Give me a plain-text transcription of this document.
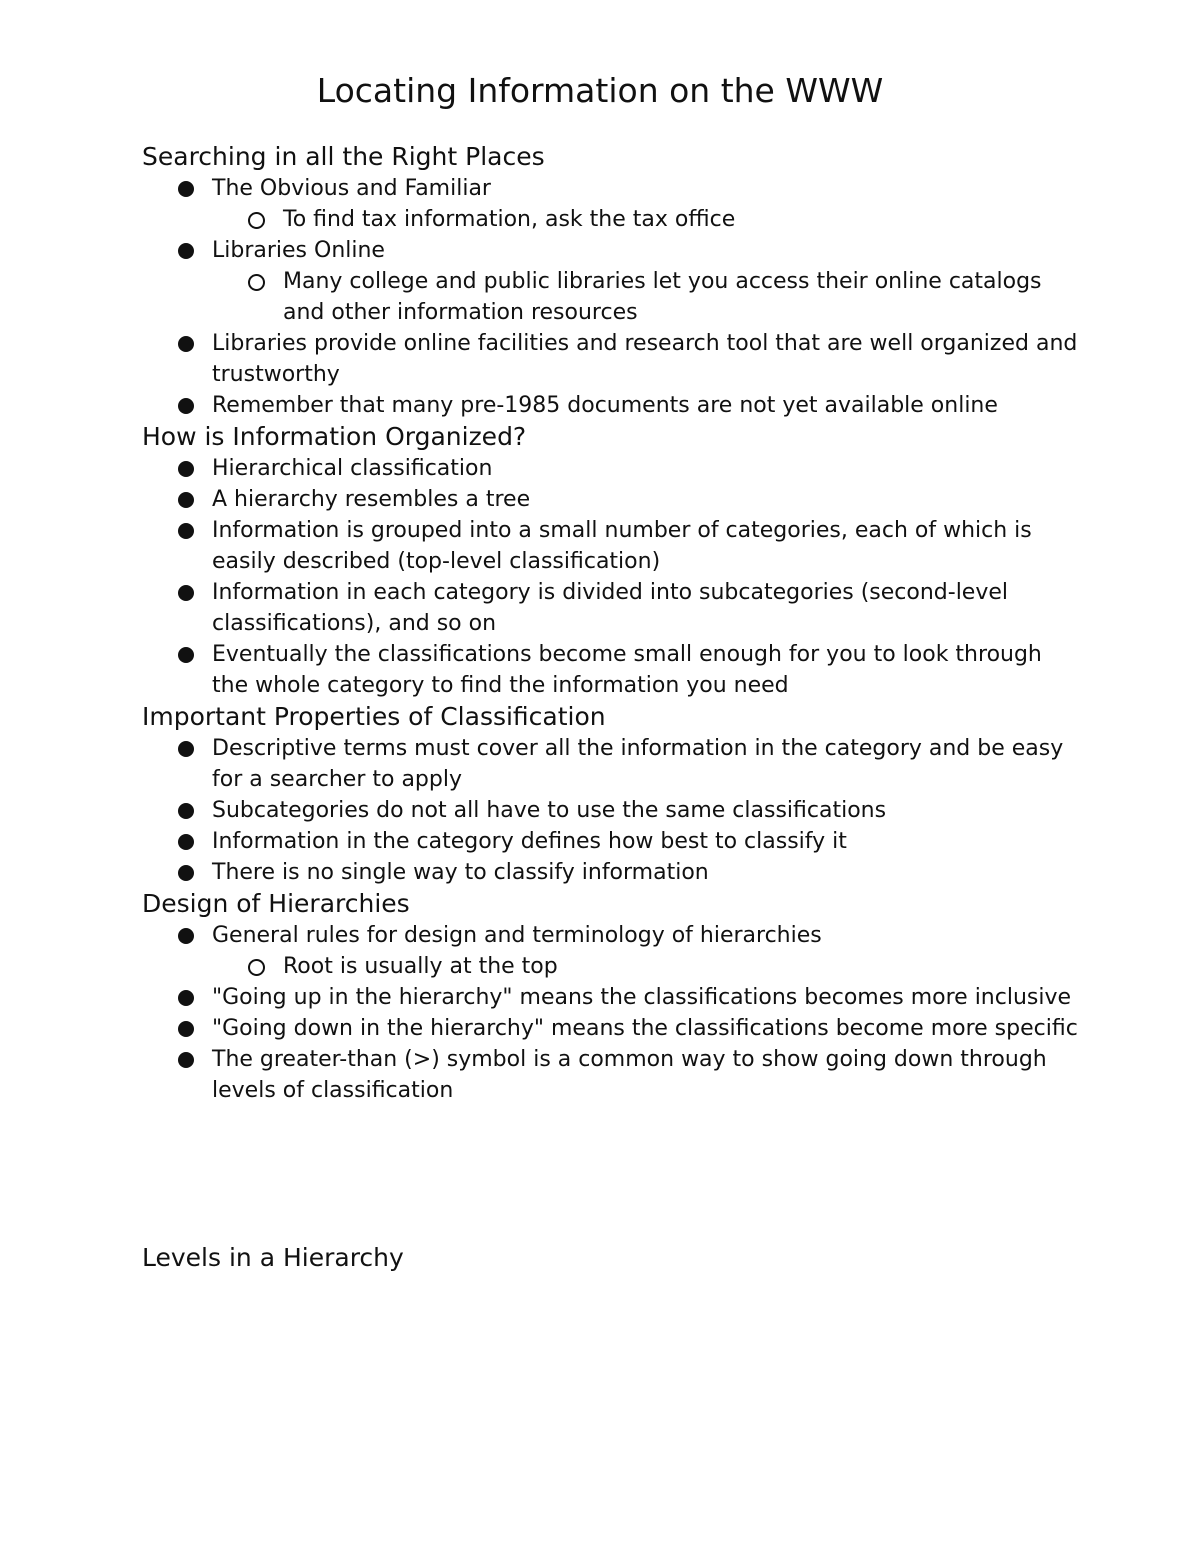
Locating Information on the WWW
Searching in all the Right Places
The Obvious and Familiar
To find tax information, ask the tax office
Libraries Online
Many college and public libraries let you access their online catalogs and other information resources
Libraries provide online facilities and research tool that are well organized and trustworthy
Remember that many pre-1985 documents are not yet available online
How is Information Organized?
Hierarchical classification
A hierarchy resembles a tree
Information is grouped into a small number of categories, each of which is easily described (top-level classification)
Information in each category is divided into subcategories (second-level classifications), and so on
Eventually the classifications become small enough for you to look through the whole category to find the information you need
Important Properties of Classification
Descriptive terms must cover all the information in the category and be easy for a searcher to apply
Subcategories do not all have to use the same classifications
Information in the category defines how best to classify it
There is no single way to classify information
Design of Hierarchies
General rules for design and terminology of hierarchies
Root is usually at the top
"Going up in the hierarchy" means the classifications becomes more inclusive
"Going down in the hierarchy" means the classifications become more specific
The greater-than (>) symbol is a common way to show going down through levels of classification
Levels in a Hierarchy
